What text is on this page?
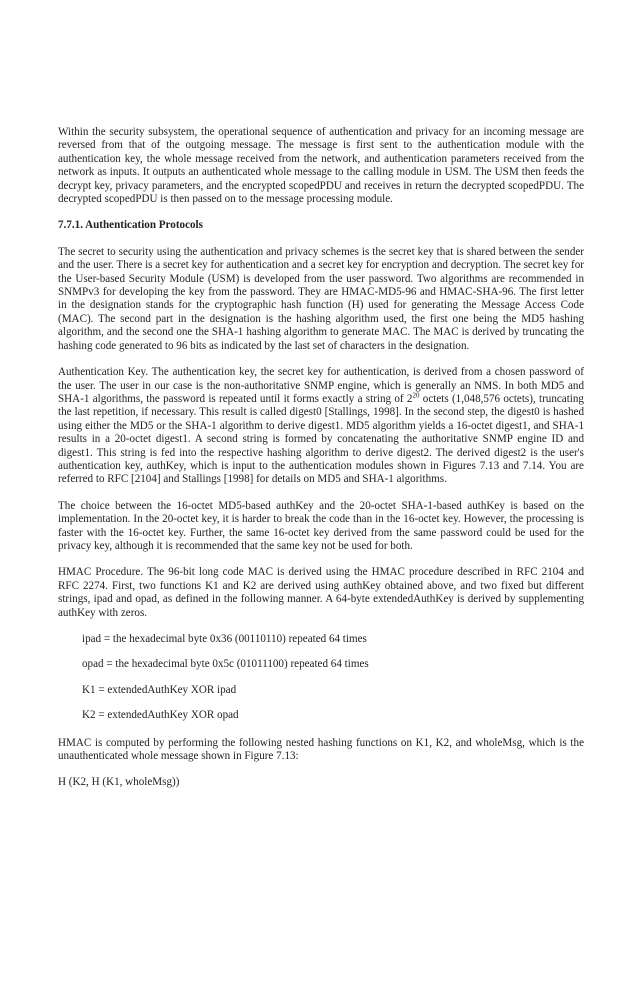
Within the security subsystem, the operational sequence of authentication and privacy for an incoming message are reversed from that of the outgoing message. The message is first sent to the authentication module with the authentication key, the whole message received from the network, and authentication parameters received from the network as inputs. It outputs an authenticated whole message to the calling module in USM. The USM then feeds the decrypt key, privacy parameters, and the encrypted scopedPDU and receives in return the decrypted scopedPDU. The decrypted scopedPDU is then passed on to the message processing module.

7.7.1. Authentication Protocols

The secret to security using the authentication and privacy schemes is the secret key that is shared between the sender and the user. There is a secret key for authentication and a secret key for encryption and decryption. The secret key for the User-based Security Module (USM) is developed from the user password. Two algorithms are recommended in SNMPv3 for developing the key from the password. They are HMAC-MD5-96 and HMAC-SHA-96. The first letter in the designation stands for the cryptographic hash function (H) used for generating the Message Access Code (MAC). The second part in the designation is the hashing algorithm used, the first one being the MD5 hashing algorithm, and the second one the SHA-1 hashing algorithm to generate MAC. The MAC is derived by truncating the hashing code generated to 96 bits as indicated by the last set of characters in the designation.

Authentication Key. The authentication key, the secret key for authentication, is derived from a chosen password of the user. The user in our case is the non-authoritative SNMP engine, which is generally an NMS. In both MD5 and SHA-1 algorithms, the password is repeated until it forms exactly a string of $2^{20}$ octets (1,048,576 octets), truncating the last repetition, if necessary. This result is called digest0 [Stallings, 1998]. In the second step, the digest0 is hashed using either the MD5 or the SHA-1 algorithm to derive digest1. MD5 algorithm yields a 16-octet digest1, and SHA-1 results in a 20-octet digest1. A second string is formed by concatenating the authoritative SNMP engine ID and digest1. This string is fed into the respective hashing algorithm to derive digest2. The derived digest2 is the user's authentication key, authKey, which is input to the authentication modules shown in Figures 7.13 and 7.14. You are referred to RFC [2104] and Stallings [1998] for details on MD5 and SHA-1 algorithms.

The choice between the 16-octet MD5-based authKey and the 20-octet SHA-1-based authKey is based on the implementation. In the 20-octet key, it is harder to break the code than in the 16-octet key. However, the processing is faster with the 16-octet key. Further, the same 16-octet key derived from the same password could be used for the privacy key, although it is recommended that the same key not be used for both.

HMAC Procedure. The 96-bit long code MAC is derived using the HMAC procedure described in RFC 2104 and RFC 2274. First, two functions K1 and K2 are derived using authKey obtained above, and two fixed but different strings, ipad and opad, as defined in the following manner. A 64-byte extendedAuthKey is derived by supplementing authKey with zeros.

ipad = the hexadecimal byte 0x36 (00110110) repeated 64 times
opad = the hexadecimal byte 0x5c (01011100) repeated 64 times
K1 = extendedAuthKey XOR ipad
K2 = extendedAuthKey XOR opad

HMAC is computed by performing the following nested hashing functions on K1, K2, and wholeMsg, which is the unauthenticated whole message shown in Figure 7.13:

H (K2, H (K1, wholeMsg))
